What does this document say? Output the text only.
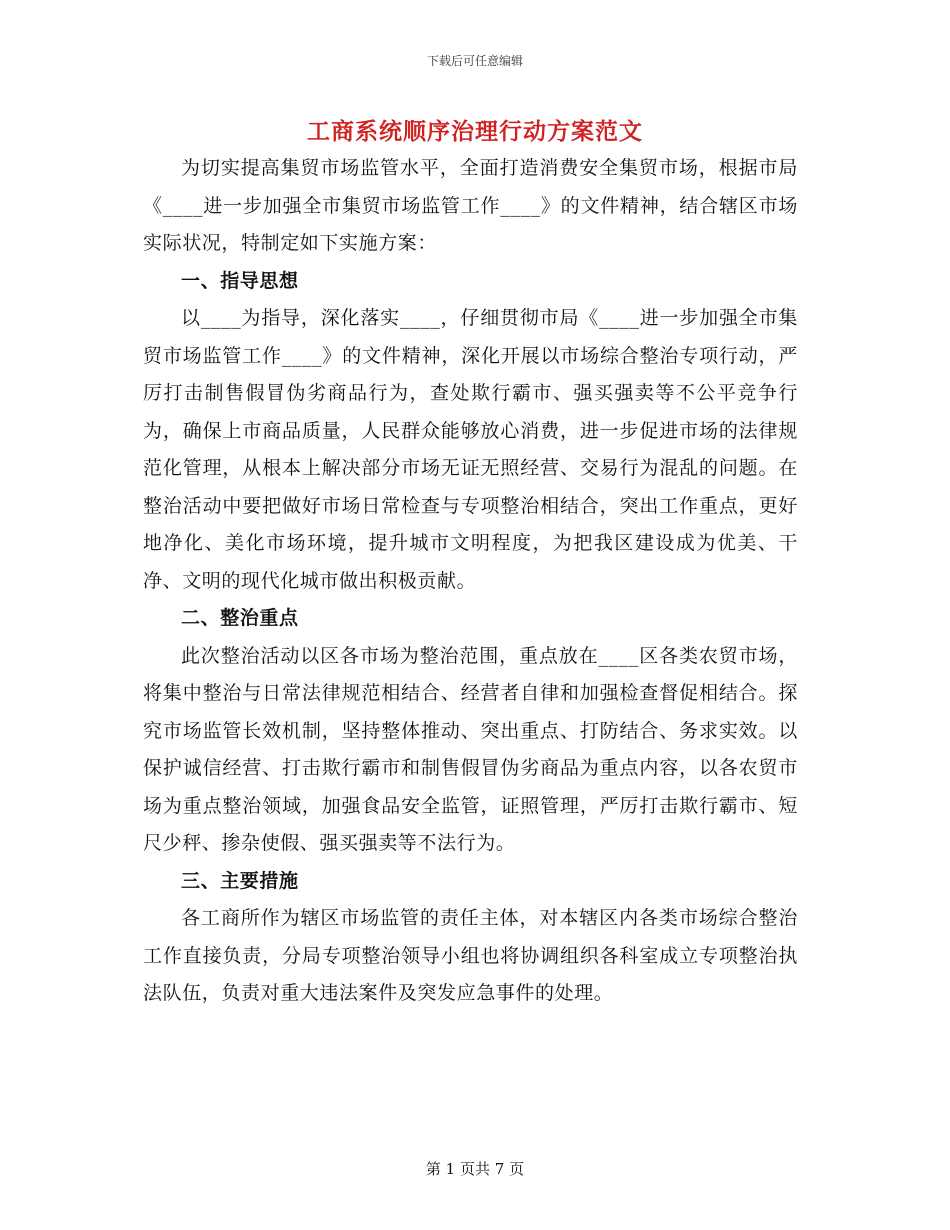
下载后可任意编辑
工商系统顺序治理行动方案范文

为切实提高集贸市场监管水平，全面打造消费安全集贸市场，根据市局《____进一步加强全市集贸市场监管工作____》的文件精神，结合辖区市场实际状况，特制定如下实施方案：

一、指导思想

以____为指导，深化落实____，仔细贯彻市局《____进一步加强全市集贸市场监管工作____》的文件精神，深化开展以市场综合整治专项行动，严厉打击制售假冒伪劣商品行为，查处欺行霸市、强买强卖等不公平竞争行为，确保上市商品质量，人民群众能够放心消费，进一步促进市场的法律规范化管理，从根本上解决部分市场无证无照经营、交易行为混乱的问题。在整治活动中要把做好市场日常检查与专项整治相结合，突出工作重点，更好地净化、美化市场环境，提升城市文明程度，为把我区建设成为优美、干净、文明的现代化城市做出积极贡献。

二、整治重点

此次整治活动以区各市场为整治范围，重点放在____区各类农贸市场，将集中整治与日常法律规范相结合、经营者自律和加强检查督促相结合。探究市场监管长效机制，坚持整体推动、突出重点、打防结合、务求实效。以保护诚信经营、打击欺行霸市和制售假冒伪劣商品为重点内容，以各农贸市场为重点整治领域，加强食品安全监管，证照管理，严厉打击欺行霸市、短尺少秤、掺杂使假、强买强卖等不法行为。

三、主要措施

各工商所作为辖区市场监管的责任主体，对本辖区内各类市场综合整治工作直接负责，分局专项整治领导小组也将协调组织各科室成立专项整治执法队伍，负责对重大违法案件及突发应急事件的处理。

第 1 页共 7 页
